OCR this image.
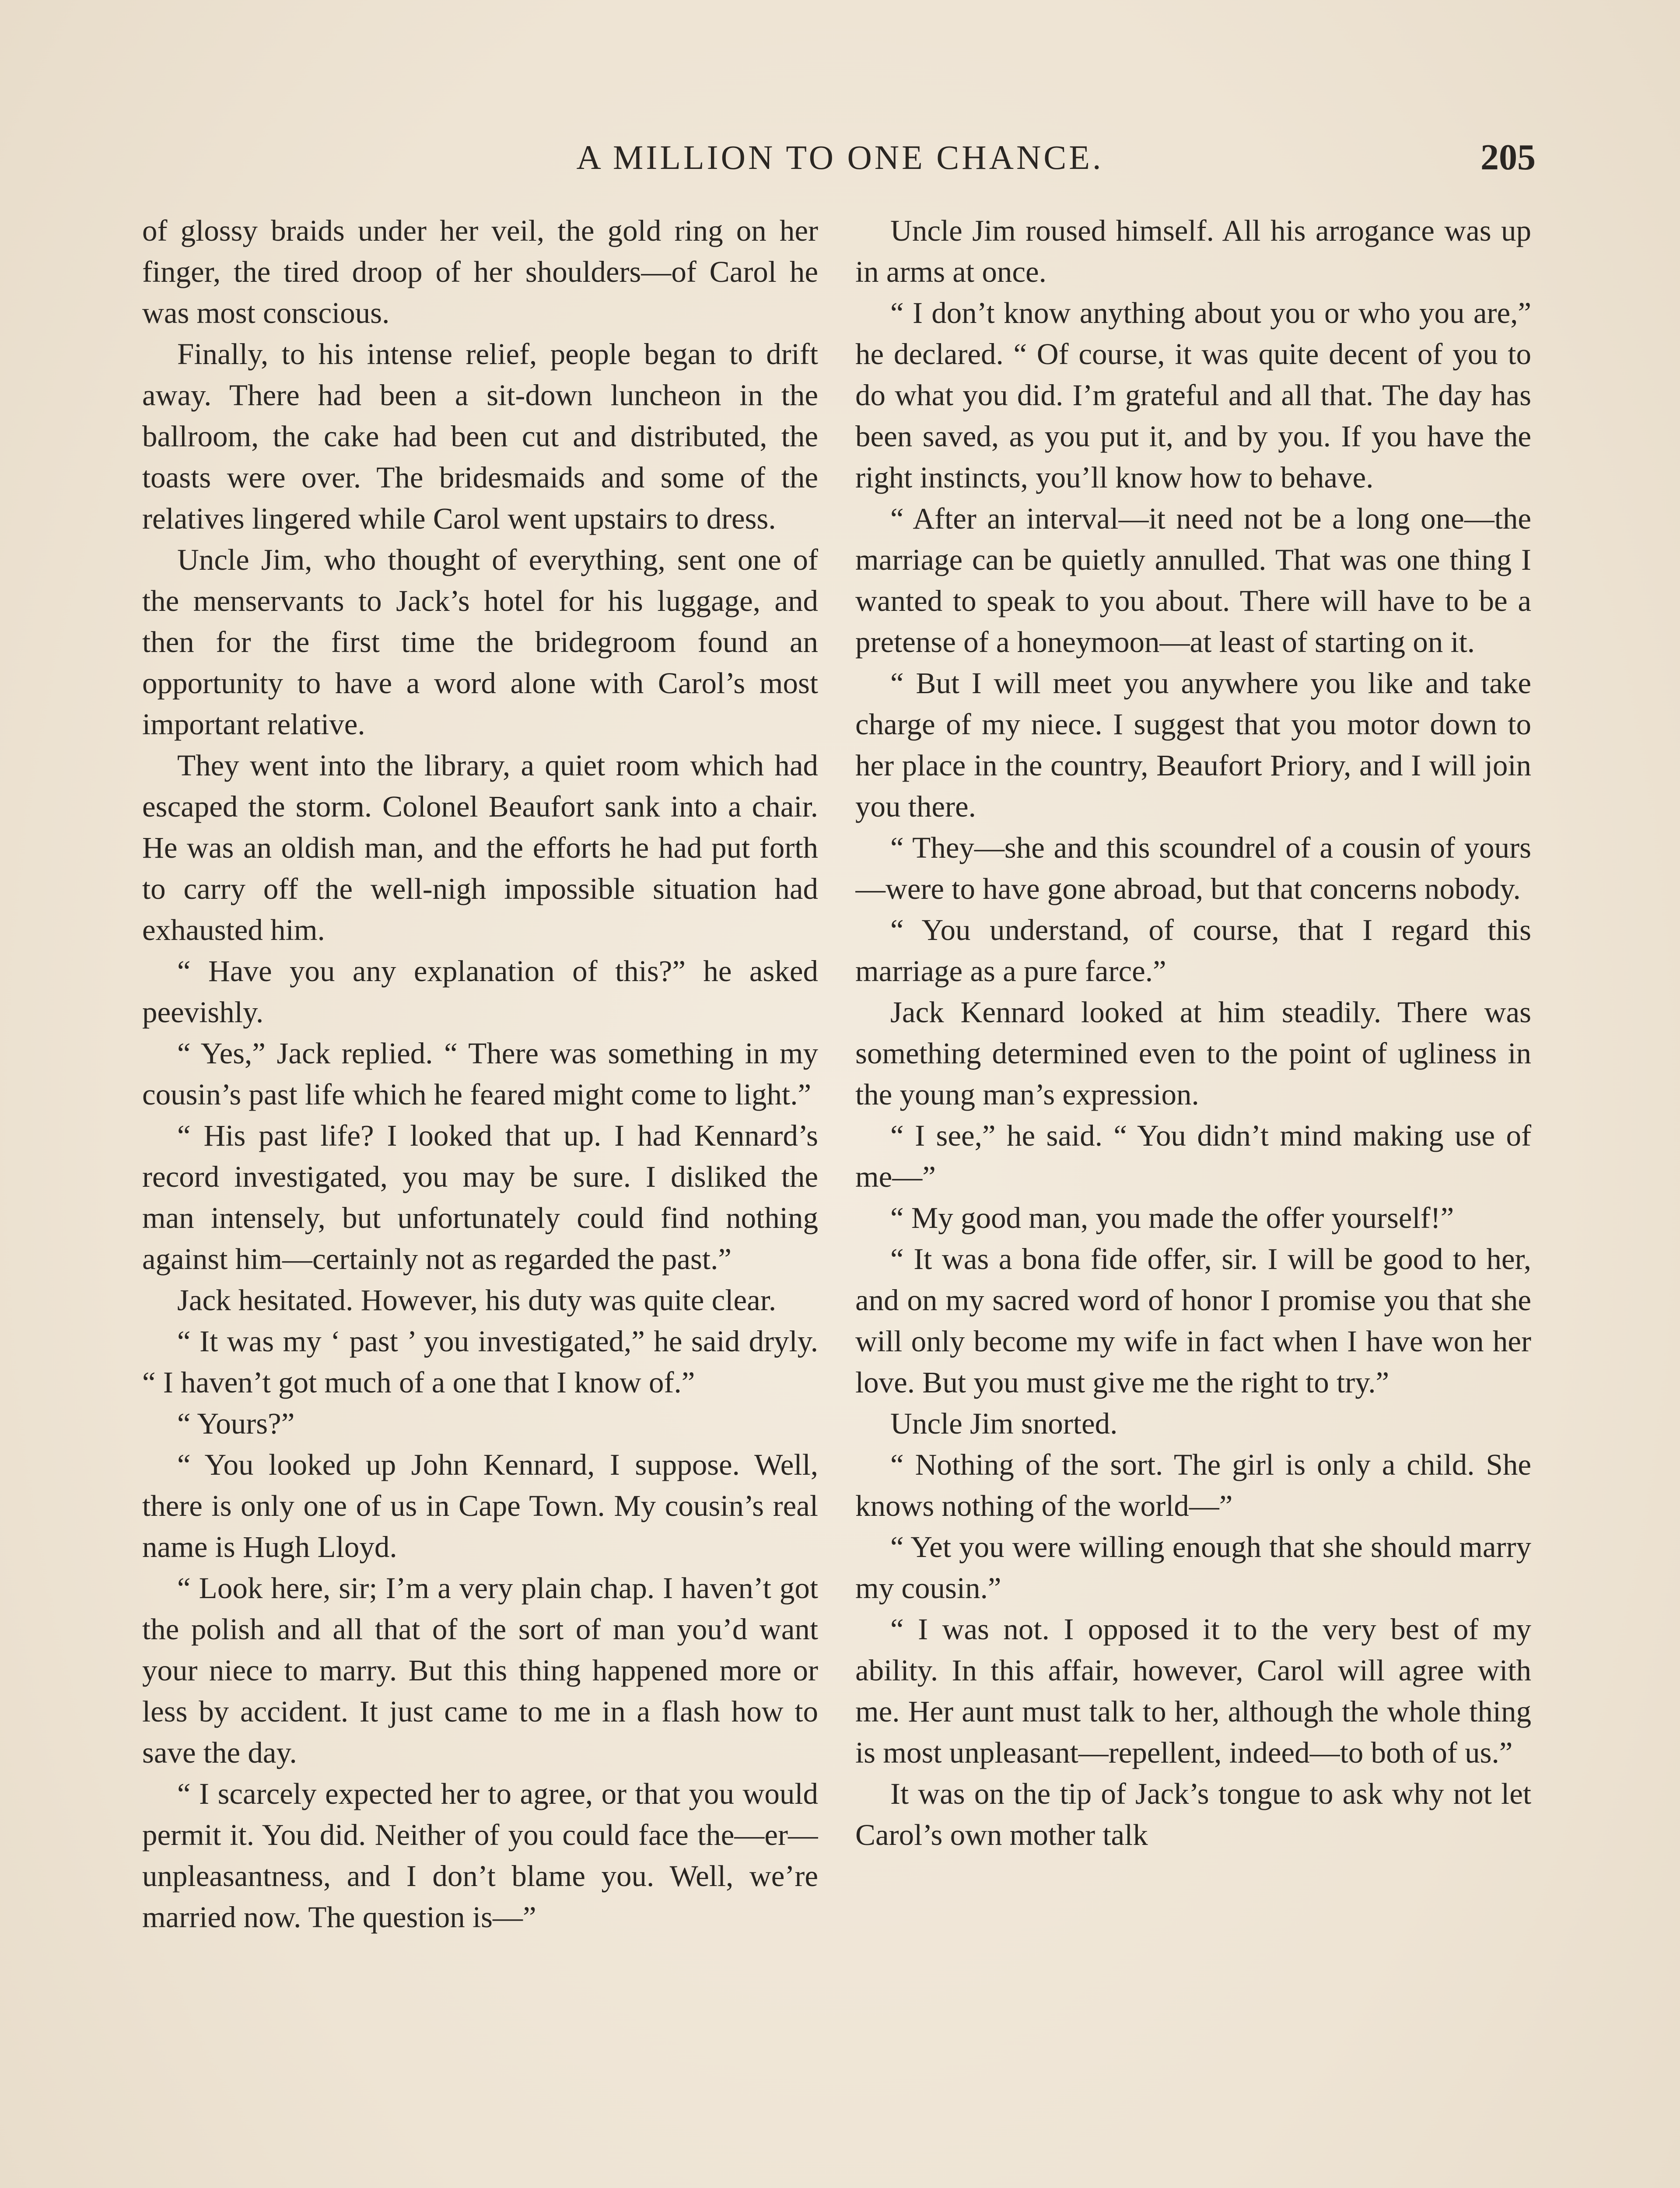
A MILLION TO ONE CHANCE.	205

of glossy braids under her veil, the gold ring on her finger, the tired droop of her shoulders—of Carol he was most conscious.

Finally, to his intense relief, people began to drift away. There had been a sit-down luncheon in the ballroom, the cake had been cut and distributed, the toasts were over. The bridesmaids and some of the relatives lingered while Carol went upstairs to dress.

Uncle Jim, who thought of everything, sent one of the menservants to Jack’s hotel for his luggage, and then for the first time the bridegroom found an opportunity to have a word alone with Carol’s most important relative.

They went into the library, a quiet room which had escaped the storm. Colonel Beaufort sank into a chair. He was an oldish man, and the efforts he had put forth to carry off the well-nigh impossible situation had exhausted him.

“ Have you any explanation of this?” he asked peevishly.

“ Yes,” Jack replied. “ There was something in my cousin’s past life which he feared might come to light.”

“ His past life? I looked that up. I had Kennard’s record investigated, you may be sure. I disliked the man intensely, but unfortunately could find nothing against him—certainly not as regarded the past.”

Jack hesitated. However, his duty was quite clear.

“ It was my ‘ past ’ you investigated,” he said dryly. “ I haven’t got much of a one that I know of.”

“ Yours?”

“ You looked up John Kennard, I suppose. Well, there is only one of us in Cape Town. My cousin’s real name is Hugh Lloyd.

“ Look here, sir; I’m a very plain chap. I haven’t got the polish and all that of the sort of man you’d want your niece to marry. But this thing happened more or less by accident. It just came to me in a flash how to save the day.

“ I scarcely expected her to agree, or that you would permit it. You did. Neither of you could face the—er—unpleasantness, and I don’t blame you. Well, we’re married now. The question is—”

Uncle Jim roused himself. All his arrogance was up in arms at once.

“ I don’t know anything about you or who you are,” he declared. “ Of course, it was quite decent of you to do what you did. I’m grateful and all that. The day has been saved, as you put it, and by you. If you have the right instincts, you’ll know how to behave.

“ After an interval—it need not be a long one—the marriage can be quietly annulled. That was one thing I wanted to speak to you about. There will have to be a pretense of a honeymoon—at least of starting on it.

“ But I will meet you anywhere you like and take charge of my niece. I suggest that you motor down to her place in the country, Beaufort Priory, and I will join you there.

“ They—she and this scoundrel of a cousin of yours—were to have gone abroad, but that concerns nobody.

“ You understand, of course, that I regard this marriage as a pure farce.”

Jack Kennard looked at him steadily. There was something determined even to the point of ugliness in the young man’s expression.

“ I see,” he said. “ You didn’t mind making use of me—”

“ My good man, you made the offer yourself!”

“ It was a bona fide offer, sir. I will be good to her, and on my sacred word of honor I promise you that she will only become my wife in fact when I have won her love. But you must give me the right to try.”

Uncle Jim snorted.

“ Nothing of the sort. The girl is only a child. She knows nothing of the world—”

“ Yet you were willing enough that she should marry my cousin.”

“ I was not. I opposed it to the very best of my ability. In this affair, however, Carol will agree with me. Her aunt must talk to her, although the whole thing is most unpleasant—repellent, indeed—to both of us.”

It was on the tip of Jack’s tongue to ask why not let Carol’s own mother talk
